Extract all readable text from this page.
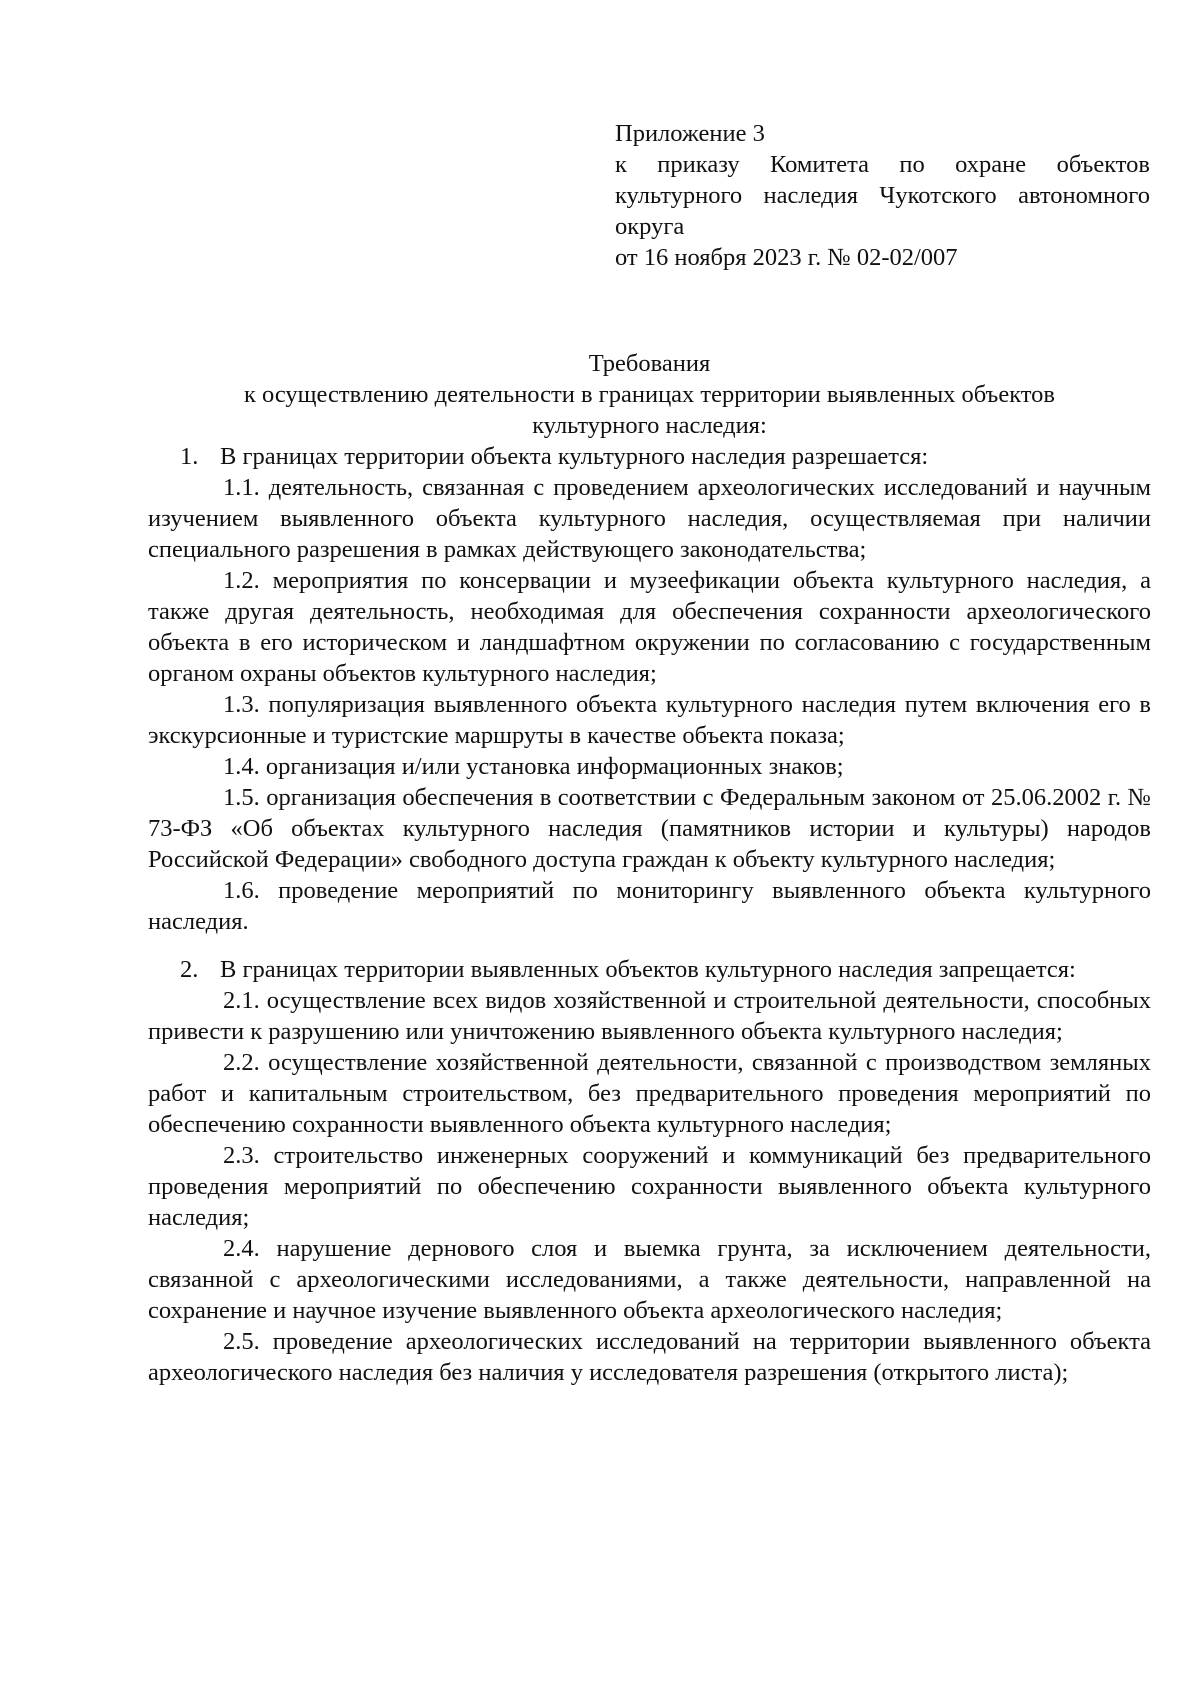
Приложение 3
к приказу Комитета по охране объектов культурного наследия Чукотского автономного округа
от 16 ноября 2023 г. № 02-02/007
Требования
к осуществлению деятельности в границах территории выявленных объектов
культурного наследия:

1. В границах территории объекта культурного наследия разрешается:

1.1. деятельность, связанная с проведением археологических исследований и научным изучением выявленного объекта культурного наследия, осуществляемая при наличии специального разрешения в рамках действующего законодательства;

1.2. мероприятия по консервации и музеефикации объекта культурного наследия, а также другая деятельность, необходимая для обеспечения сохранности археологического объекта в его историческом и ландшафтном окружении по согласованию с государственным органом охраны объектов культурного наследия;

1.3. популяризация выявленного объекта культурного наследия путем включения его в экскурсионные и туристские маршруты в качестве объекта показа;

1.4. организация и/или установка информационных знаков;

1.5. организация обеспечения в соответствии с Федеральным законом от 25.06.2002 г. № 73-ФЗ «Об объектах культурного наследия (памятников истории и культуры) народов Российской Федерации» свободного доступа граждан к объекту культурного наследия;

1.6. проведение мероприятий по мониторингу выявленного объекта культурного наследия.

2. В границах территории выявленных объектов культурного наследия запрещается:

2.1. осуществление всех видов хозяйственной и строительной деятельности, способных привести к разрушению или уничтожению выявленного объекта культурного наследия;

2.2. осуществление хозяйственной деятельности, связанной с производством земляных работ и капитальным строительством, без предварительного проведения мероприятий по обеспечению сохранности выявленного объекта культурного наследия;

2.3. строительство инженерных сооружений и коммуникаций без предварительного проведения мероприятий по обеспечению сохранности выявленного объекта культурного наследия;

2.4. нарушение дернового слоя и выемка грунта, за исключением деятельности, связанной с археологическими исследованиями, а также деятельности, направленной на сохранение и научное изучение выявленного объекта археологического наследия;

2.5. проведение археологических исследований на территории выявленного объекта археологического наследия без наличия у исследователя разрешения (открытого листа);
